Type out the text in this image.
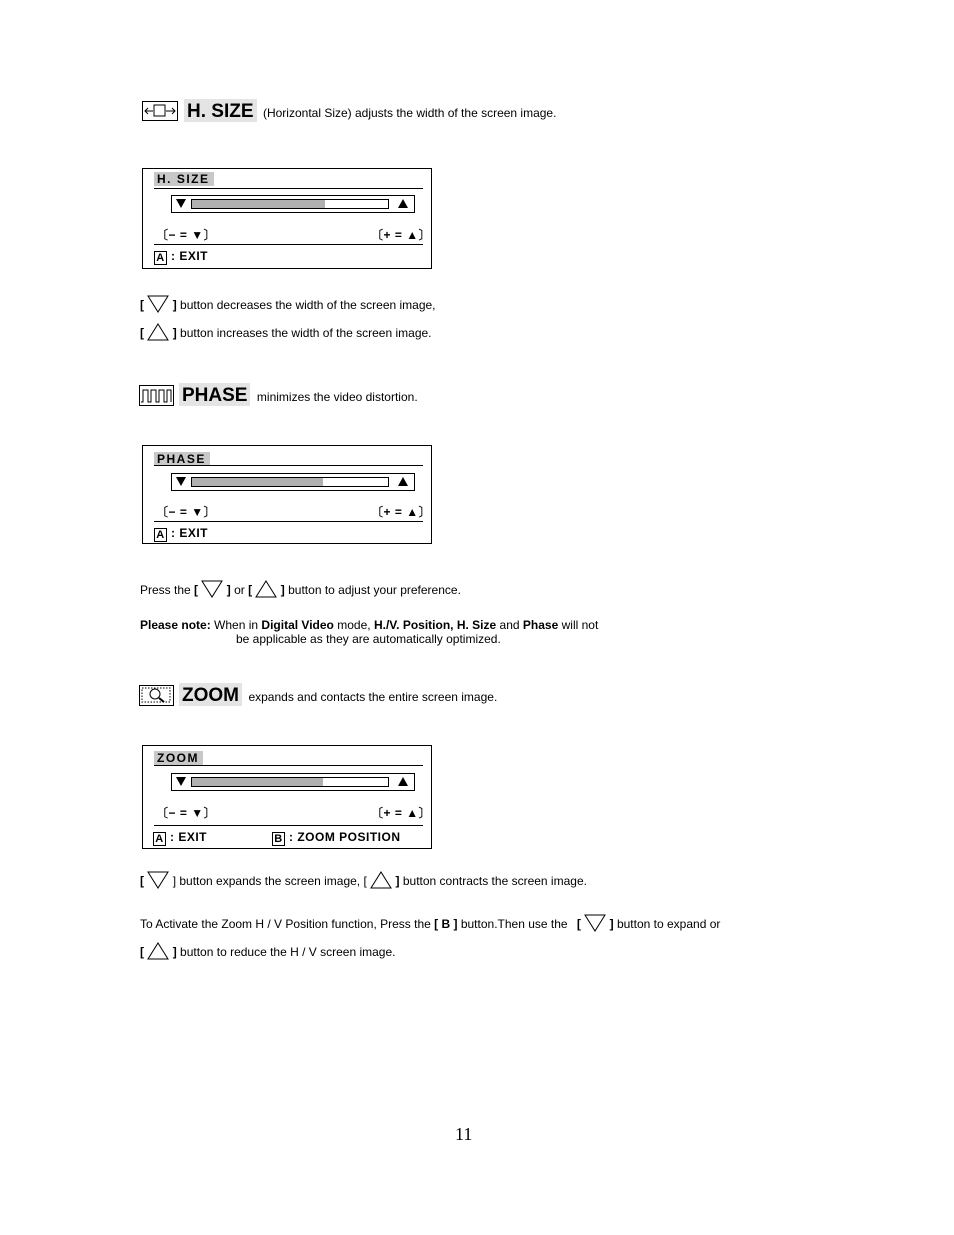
H. SIZE (Horizontal Size) adjusts the width of the screen image.
H. SIZE
〔− = ▼〕	〔+ = ▲〕
A : EXIT
[ ] button decreases the width of the screen image,
[ ] button increases the width of the screen image.
PHASE minimizes the video distortion.
PHASE
〔− = ▼〕	〔+ = ▲〕
A : EXIT
Press the [ ] or [ ] button to adjust your preference.
Please note: When in Digital Video mode, H./V. Position, H. Size and Phase will not
be applicable as they are automatically optimized.
ZOOM expands and contacts the entire screen image.
ZOOM
〔− = ▼〕	〔+ = ▲〕
A : EXIT	B : ZOOM POSITION
[ ] button expands the screen image, [ ] button contracts the screen image.
To Activate the Zoom H / V Position function, Press the [ B ] button.Then use the [ ] button to expand or
[ ] button to reduce the H / V screen image.
11
